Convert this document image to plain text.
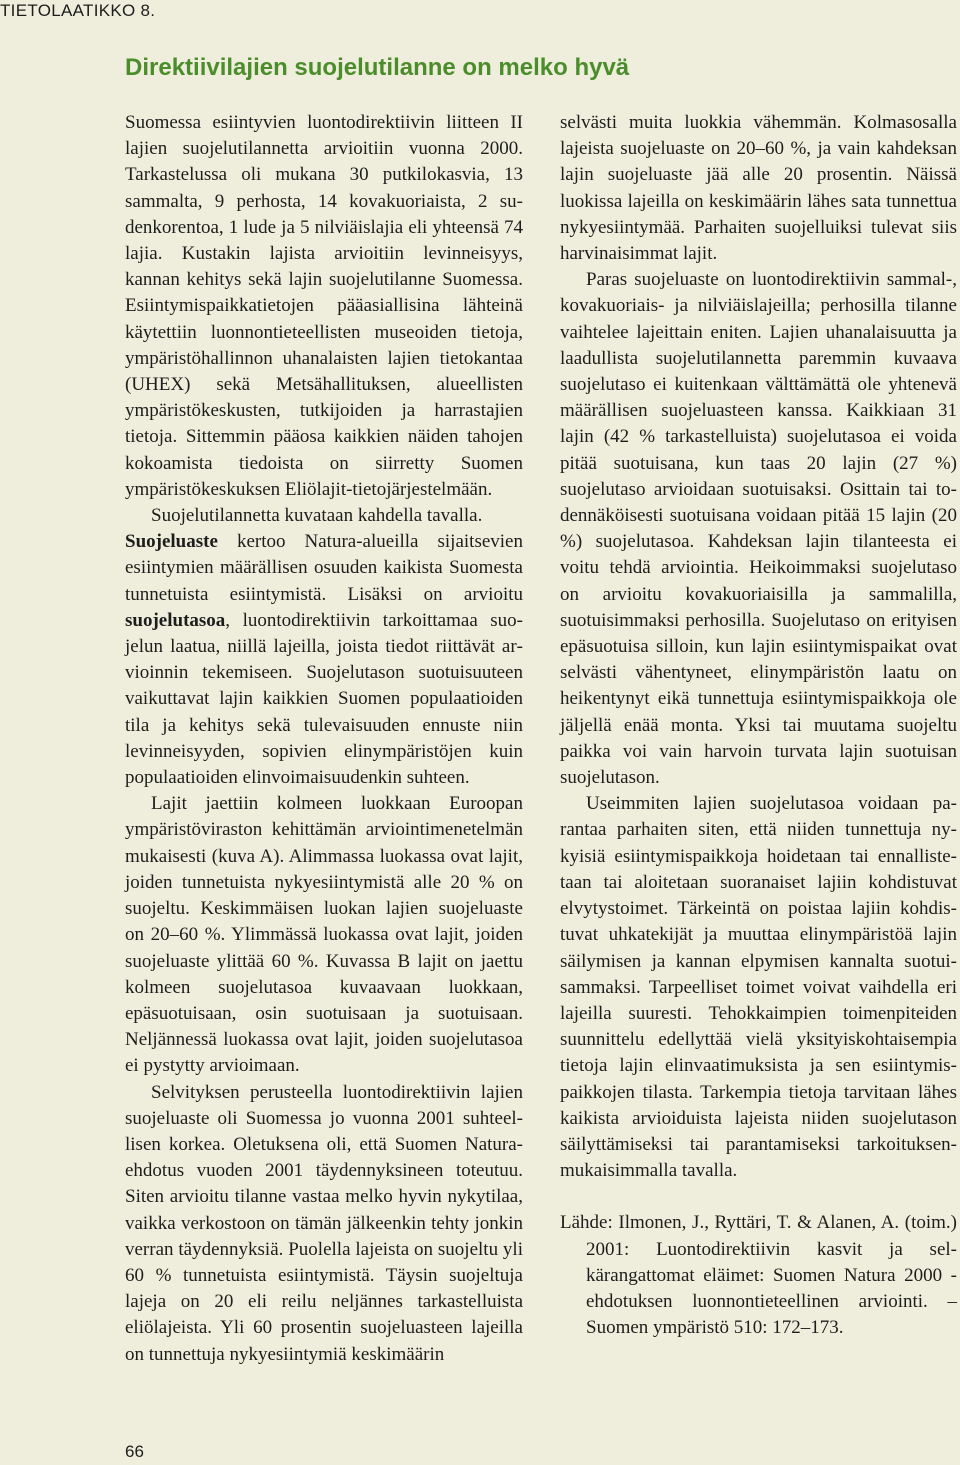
TIETOLAATIKKO 8.

Direktiivilajien suojelutilanne on melko hyvä

Suomessa esiintyvien luontodirektiivin liitteen II lajien suojelutilannetta arvioitiin vuonna 2000. Tarkastelussa oli mukana 30 putkilokasvia, 13 sammalta, 9 perhosta, 14 kovakuoriaista, 2 sudenkorentoa, 1 lude ja 5 nilviäislajia eli yhteensä 74 lajia. Kustakin lajista arvioitiin levinneisyys, kannan kehitys sekä lajin suojelutilanne Suomessa. Esiintymispaikkatietojen pääasiallisina lähteinä käytettiin luonnontieteellisten museoiden tietoja, ympäristöhallinnon uhanalaisten lajien tietokantaa (UHEX) sekä Metsähallituksen, alueellisten ympäristökeskusten, tutkijoiden ja harrastajien tietoja. Sittemmin pääosa kaikkien näiden tahojen kokoamista tiedoista on siirretty Suomen ympäristökeskuksen Eliölajit-tietojärjestelmään.

Suojelutilannetta kuvataan kahdella tavalla.

Suojeluaste kertoo Natura-alueilla sijaitsevien esiintymien määrällisen osuuden kaikista Suomesta tunnetuista esiintymistä. Lisäksi on arvioitu suojelutasoa, luontodirektiivin tarkoittamaa suojelun laatua, niillä lajeilla, joista tiedot riittävät arvioinnin tekemiseen. Suojelutason suotuisuuteen vaikuttavat lajin kaikkien Suomen populaatioiden tila ja kehitys sekä tulevaisuuden ennuste niin levinneisyyden, sopivien elinympäristöjen kuin populaatioiden elinvoimaisuudenkin suhteen.

Lajit jaettiin kolmeen luokkaan Euroopan ympäristöviraston kehittämän arviointimenetelmän mukaisesti (kuva A). Alimmassa luokassa ovat lajit, joiden tunnetuista nykyesiintymistä alle 20 % on suojeltu. Keskimmäisen luokan lajien suojeluaste on 20–60 %. Ylimmässä luokassa ovat lajit, joiden suojeluaste ylittää 60 %. Kuvassa B lajit on jaettu kolmeen suojelutasoa kuvaavaan luokkaan, epäsuotuisaan, osin suotuisaan ja suotuisaan. Neljännessä luokassa ovat lajit, joiden suojelutasoa ei pystytty arvioimaan.

Selvityksen perusteella luontodirektiivin lajien suojeluaste oli Suomessa jo vuonna 2001 suhteellisen korkea. Oletuksena oli, että Suomen Naturaehdotus vuoden 2001 täydennyksineen toteutuu. Siten arvioitu tilanne vastaa melko hyvin nykytilaa, vaikka verkostoon on tämän jälkeenkin tehty jonkin verran täydennyksiä. Puolella lajeista on suojeltu yli 60 % tunnetuista esiintymistä. Täysin suojeltuja lajeja on 20 eli reilu neljännes tarkastelluista eliölajeista. Yli 60 prosentin suojeluasteen lajeilla on tunnettuja nykyesiintymiä keskimäärin

selvästi muita luokkia vähemmän. Kolmasosalla lajeista suojeluaste on 20–60 %, ja vain kahdeksan lajin suojeluaste jää alle 20 prosentin. Näissä luokissa lajeilla on keskimäärin lähes sata tunnettua nykyesiintymää. Parhaiten suojelluiksi tulevat siis harvinaisimmat lajit.

Paras suojeluaste on luontodirektiivin sammal-, kovakuoriais- ja nilviäislajeilla; perhosilla tilanne vaihtelee lajeittain eniten. Lajien uhanalaisuutta ja laadullista suojelutilannetta paremmin kuvaava suojelutaso ei kuitenkaan välttämättä ole yhtenevä määrällisen suojeluasteen kanssa. Kaikkiaan 31 lajin (42 % tarkastelluista) suojelutasoa ei voida pitää suotuisana, kun taas 20 lajin (27 %) suojelutaso arvioidaan suotuisaksi. Osittain tai todennäköisesti suotuisana voidaan pitää 15 lajin (20 %) suojelutasoa. Kahdeksan lajin tilanteesta ei voitu tehdä arviointia. Heikoimmaksi suojelutaso on arvioitu kovakuoriaisilla ja sammalilla, suotuisimmaksi perhosilla. Suojelutaso on erityisen epäsuotuisa silloin, kun lajin esiintymispaikat ovat selvästi vähentyneet, elinympäristön laatu on heikentynyt eikä tunnettuja esiintymispaikkoja ole jäljellä enää monta. Yksi tai muutama suojeltu paikka voi vain harvoin turvata lajin suotuisan suojelutason.

Useimmiten lajien suojelutasoa voidaan parantaa parhaiten siten, että niiden tunnettuja nykyisiä esiintymispaikkoja hoidetaan tai ennallistetaan tai aloitetaan suoranaiset lajiin kohdistuvat elvytystoimet. Tärkeintä on poistaa lajiin kohdistuvat uhkatekijät ja muuttaa elinympäristöä lajin säilymisen ja kannan elpymisen kannalta suotuisammaksi. Tarpeelliset toimet voivat vaihdella eri lajeilla suuresti. Tehokkaimpien toimenpiteiden suunnittelu edellyttää vielä yksityiskohtaisempia tietoja lajin elinvaatimuksista ja sen esiintymispaikkojen tilasta. Tarkempia tietoja tarvitaan lähes kaikista arvioiduista lajeista niiden suojelutason säilyttämiseksi tai parantamiseksi tarkoituksenmukaisimmalla tavalla.

Lähde: Ilmonen, J., Ryttäri, T. & Alanen, A. (toim.) 2001: Luontodirektiivin kasvit ja selkärangattomat eläimet: Suomen Natura 2000 -ehdotuksen luonnontieteellinen arviointi. – Suomen ympäristö 510: 172–173.

66
